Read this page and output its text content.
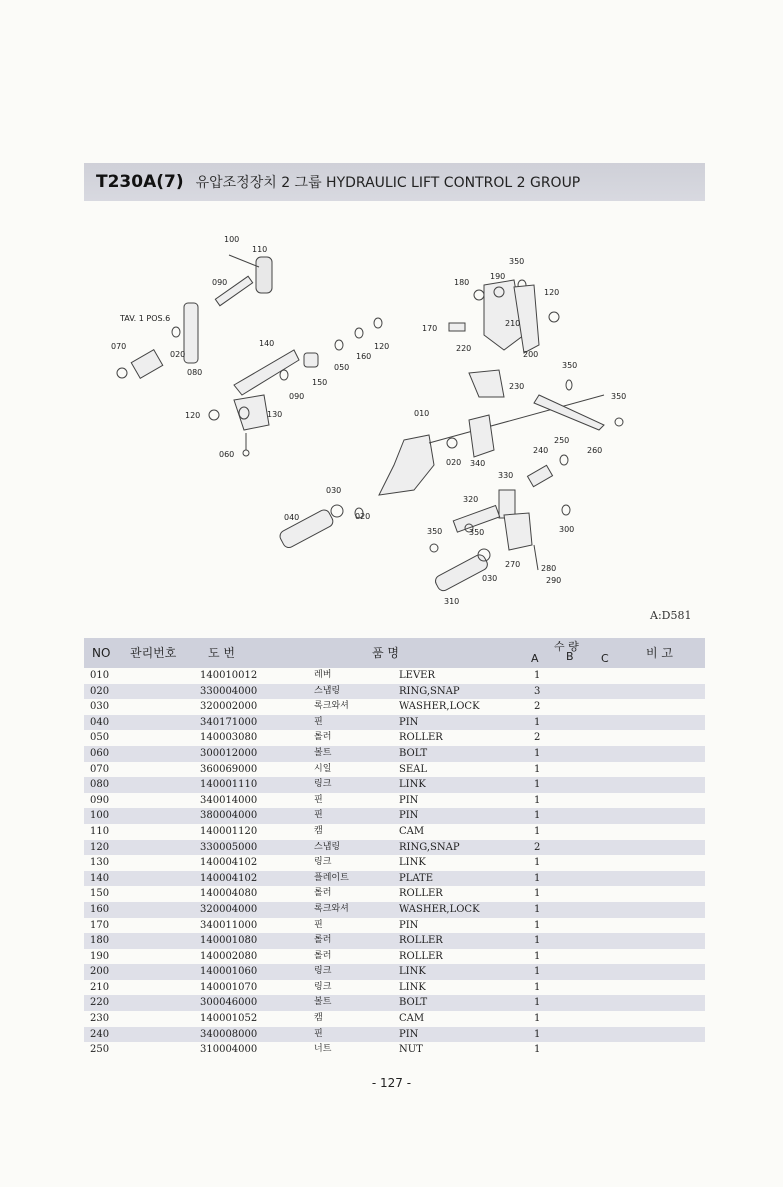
T230A(7) 유압조정장치 2 그룹 HYDRAULIC LIFT CONTROL 2 GROUP
100
110
090
TAV. 1 POS.6
070
020
080
140	120
160
050
150
090
120	130
060
180
190
350
120
170
210
220
200
230
350
350
010
020 340
250
240	260
330
320
030
040	020
350	350	300
270	280
290
030
310
A:D581
NO 관리번호	도 번	품 명	수 량
A B C	비 고
010	140010012	레버	LEVER	1
020	330004000	스냅링	RING,SNAP	3
030	320002000	록크와셔	WASHER,LOCK	2
040	340171000	핀	PIN	1
050	140003080	롤러	ROLLER	2
060	300012000	볼트	BOLT	1
070	360069000	시일	SEAL	1
080	140001110	링크	LINK	1
090	340014000	핀	PIN	1
100	380004000	핀	PIN	1
110	140001120	캠	CAM	1
120	330005000	스냅링	RING,SNAP	2
130	140004102	링크	LINK	1
140	140004102	플레이트	PLATE	1
150	140004080	롤러	ROLLER	1
160	320004000	록크와셔	WASHER,LOCK	1
170	340011000	핀	PIN	1
180	140001080	롤러	ROLLER	1
190	140002080	롤러	ROLLER	1
200	140001060	링크	LINK	1
210	140001070	링크	LINK	1
220	300046000	볼트	BOLT	1
230	140001052	캠	CAM	1
240	340008000	핀	PIN	1
250	310004000	너트	NUT	1
- 127 -
